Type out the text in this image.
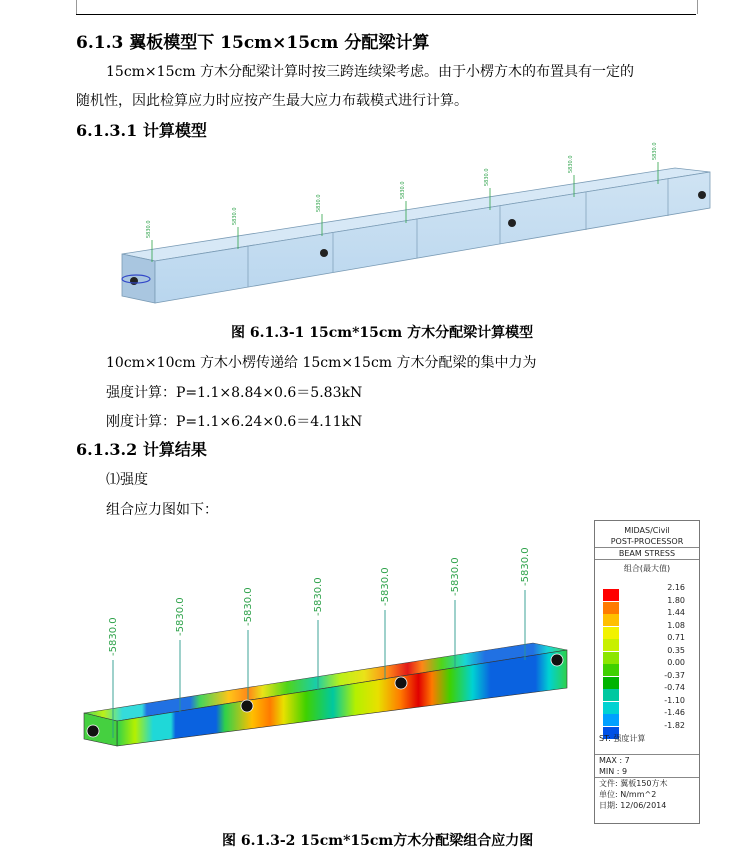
6.1.3 翼板模型下 15cm×15cm 分配梁计算
15cm×15cm 方木分配梁计算时按三跨连续梁考虑。由于小楞方木的布置具有一定的
随机性，因此检算应力时应按产生最大应力布载模式进行计算。
6.1.3.1 计算模型
5830.0
5830.0
5830.0
5830.0
5830.0
5830.0
5830.0
图 6.1.3-1 15cm*15cm 方木分配梁计算模型
10cm×10cm 方木小楞传递给 15cm×15cm 方木分配梁的集中力为
强度计算：P=1.1×8.84×0.6＝5.83kN
刚度计算：P=1.1×6.24×0.6＝4.11kN
6.1.3.2 计算结果
⑴强度
组合应力图如下：
-5830.0
-5830.0	-5830.0	-5830.0	-5830.0	-5830.0	-5830.0
MIDAS/Civil
POST-PROCESSOR
BEAM STRESS
组合(最大值)
2.16
1.80
1.44
1.08
0.71
0.35
0.00
-0.37
-0.74
-1.10
-1.46
-1.82
ST: 强度计算
MAX : 7
MIN : 9
文件: 翼板150方木
单位: N/mm^2
日期: 12/06/2014
图 6.1.3-2 15cm*15cm方木分配梁组合应力图
